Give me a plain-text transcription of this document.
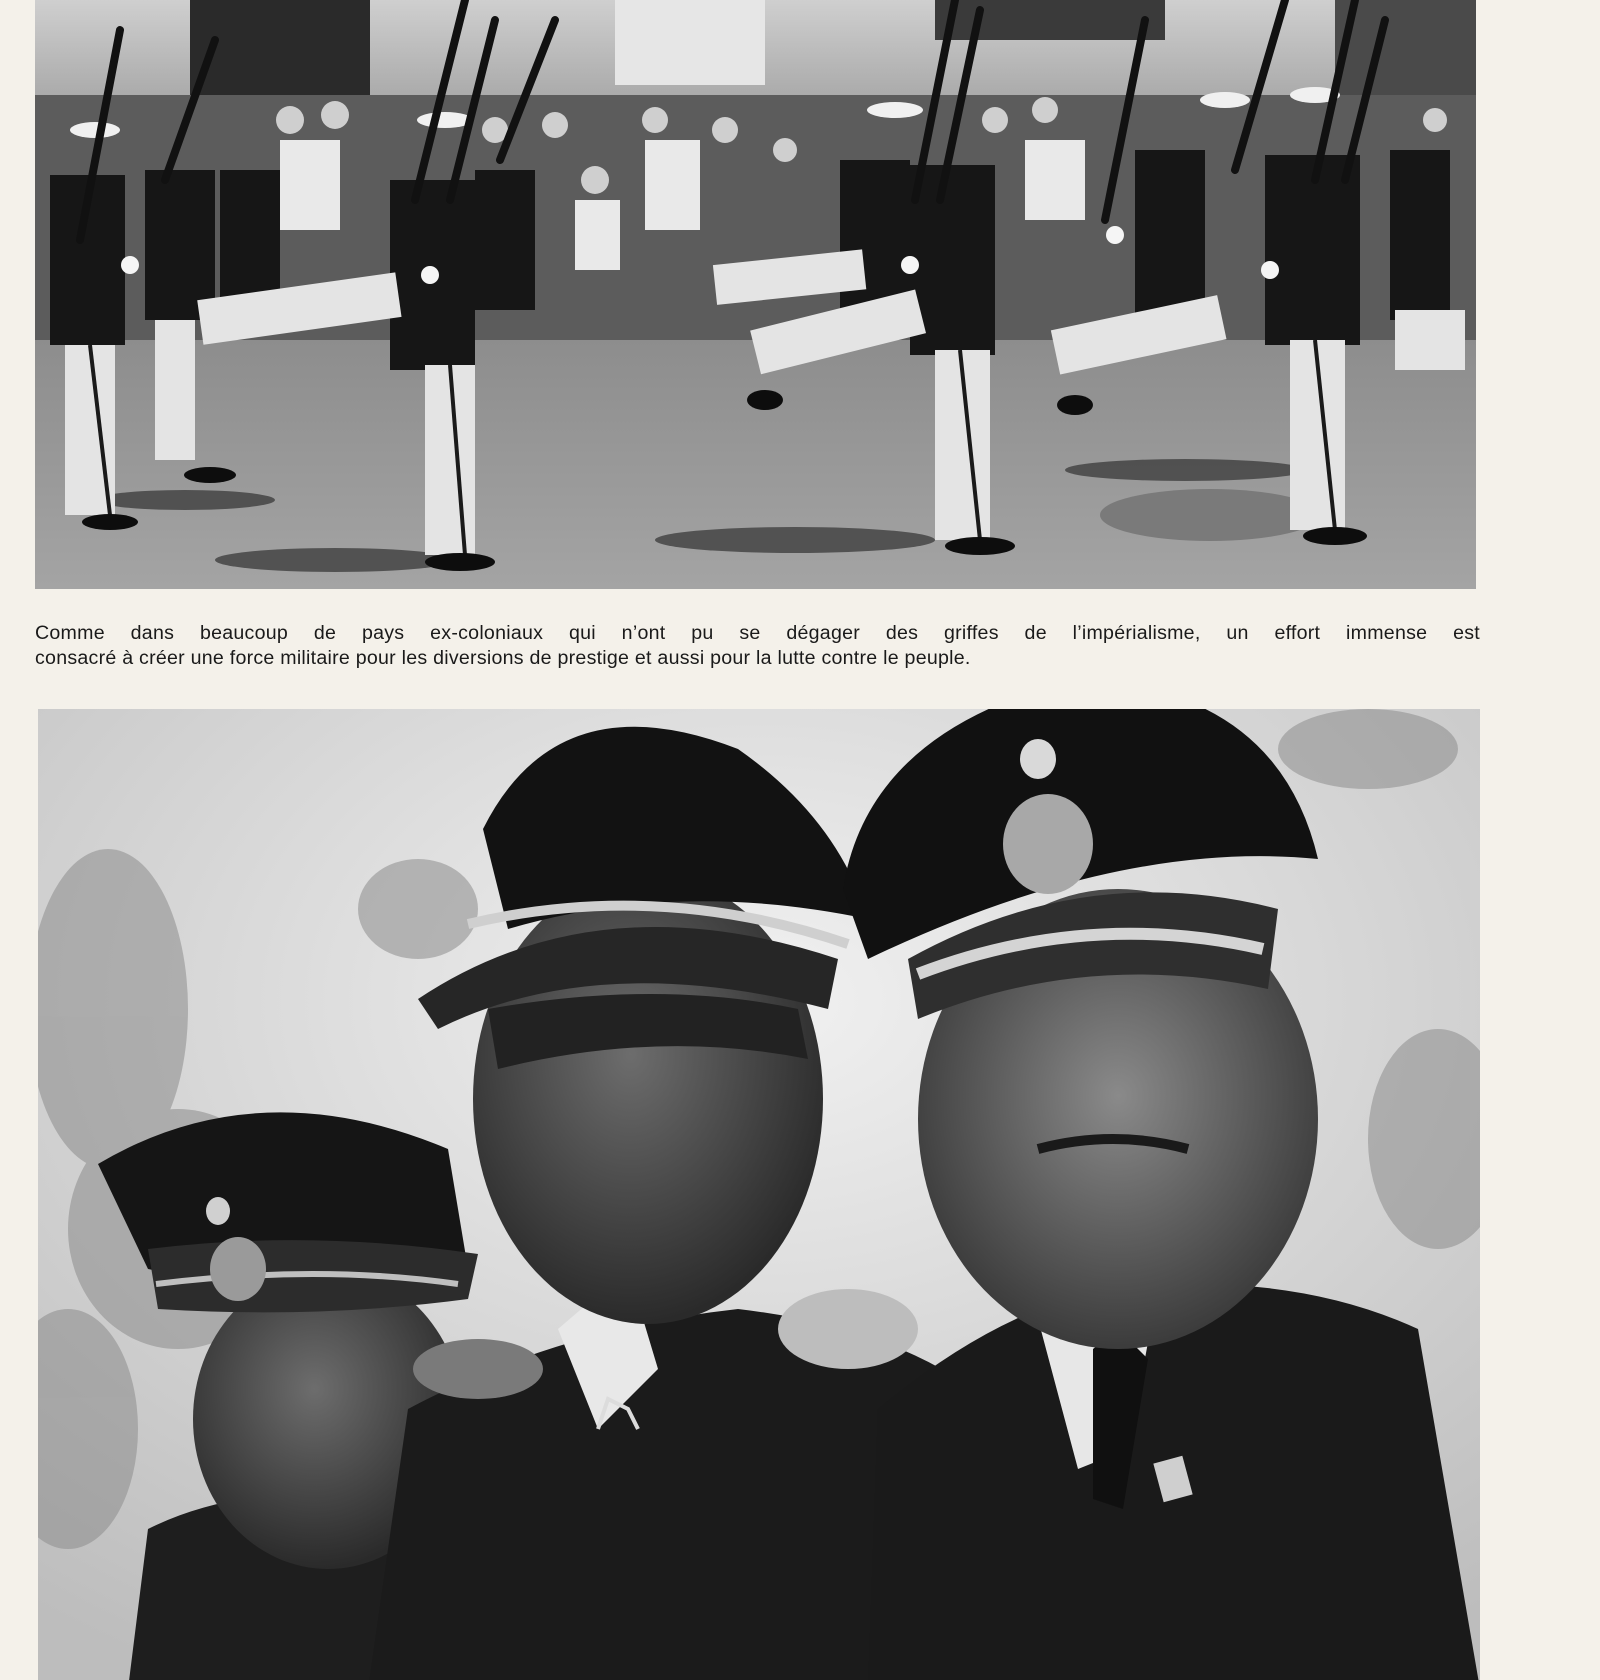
Comme dans beaucoup de pays ex-coloniaux qui n’ont pu se dégager des griffes de l’impérialisme, un effort immense est
consacré à créer une force militaire pour les diversions de prestige et aussi pour la lutte contre le peuple.
